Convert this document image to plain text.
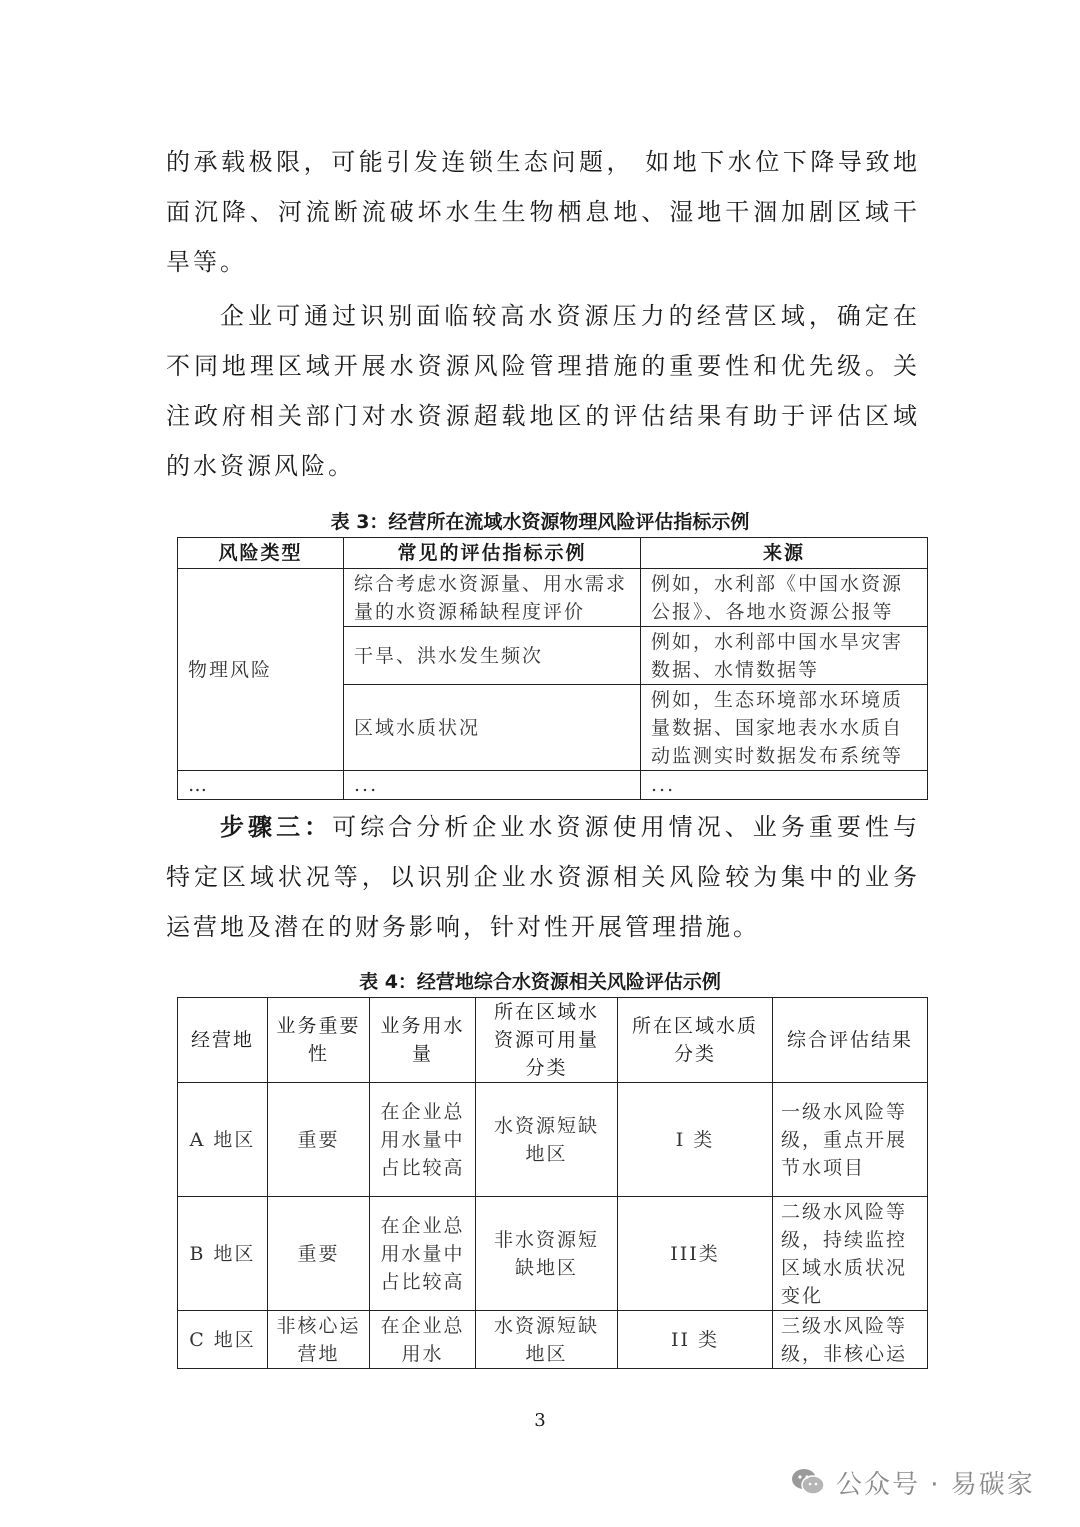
的承载极限，可能引发连锁生态问题， 如地下水位下降导致地面沉降、河流断流破坏水生生物栖息地、湿地干涸加剧区域干旱等。

企业可通过识别面临较高水资源压力的经营区域，确定在不同地理区域开展水资源风险管理措施的重要性和优先级。关注政府相关部门对水资源超载地区的评估结果有助于评估区域的水资源风险。

表 3：经营所在流域水资源物理风险评估指标示例

风险类型	常见的评估指标示例	来源
物理风险	综合考虑水资源量、用水需求量的水资源稀缺程度评价	例如，水利部《中国水资源公报》、各地水资源公报等
	干旱、洪水发生频次	例如，水利部中国水旱灾害数据、水情数据等
	区域水质状况	例如，生态环境部水环境质量数据、国家地表水水质自动监测实时数据发布系统等
…	...	...

步骤三：可综合分析企业水资源使用情况、业务重要性与特定区域状况等，以识别企业水资源相关风险较为集中的业务运营地及潜在的财务影响，针对性开展管理措施。

表 4：经营地综合水资源相关风险评估示例

经营地	业务重要性	业务用水量	所在区域水资源可用量分类	所在区域水质分类	综合评估结果
A 地区	重要	在企业总用水量中占比较高	水资源短缺地区	I 类	一级水风险等级，重点开展节水项目
B 地区	重要	在企业总用水量中占比较高	非水资源短缺地区	III类	二级水风险等级，持续监控区域水质状况变化
C 地区	非核心运营地	在企业总用水	水资源短缺地区	II 类	三级水风险等级，非核心运
3
公众号 · 易碳家
